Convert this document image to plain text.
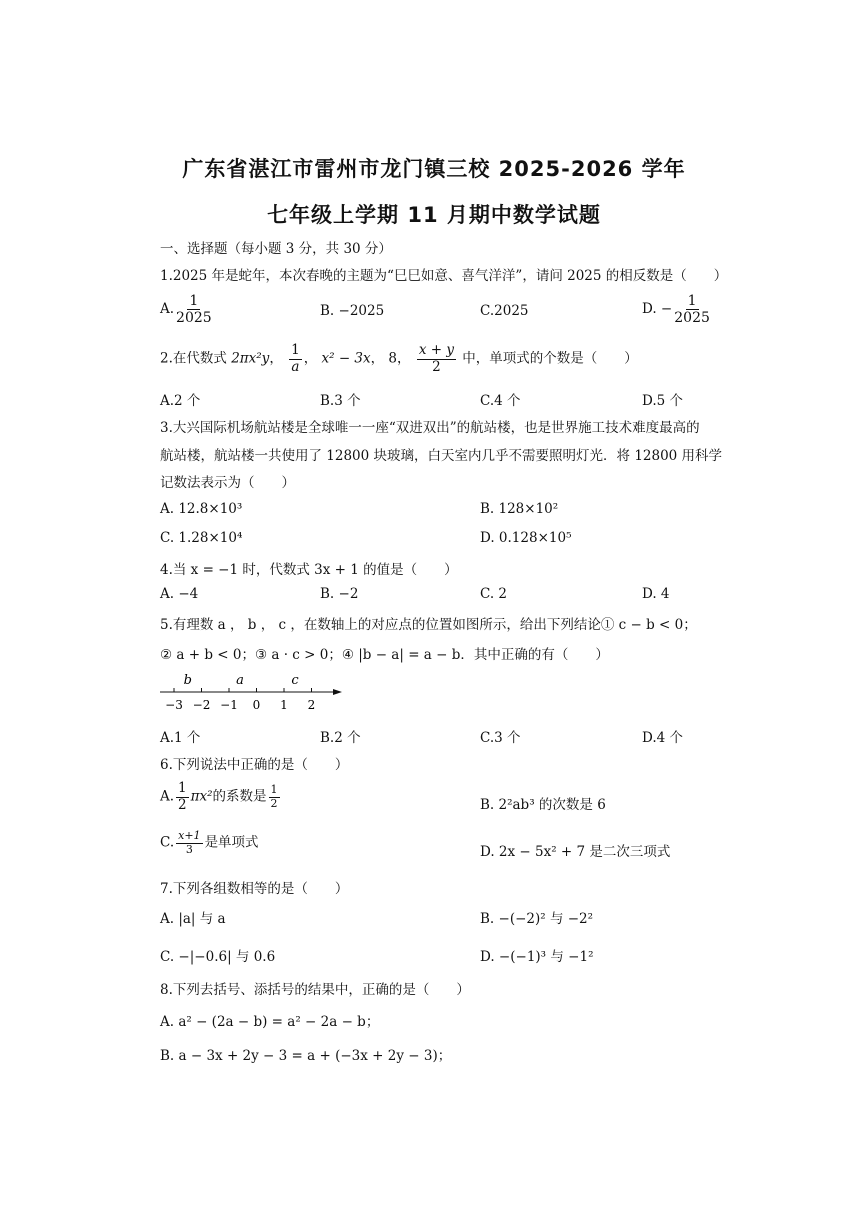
广东省湛江市雷州市龙门镇三校 2025-2026 学年
七年级上学期 11 月期中数学试题
一、选择题（每小题 3 分，共 30 分）
1.2025 年是蛇年，本次春晚的主题为“巳巳如意、喜气洋洋”，请问 2025 的相反数是（　　）
A. $\frac{1}{2025}$	B. −2025	C.2025	D. − $\frac{1}{2025}$
2.在代数式 2πx²y， $\frac{1}{a}$ ， x² − 3x， 8， $\frac{x + y}{2}$ 中，单项式的个数是（　　）
A.2 个	B.3 个	C.4 个	D.5 个
3.大兴国际机场航站楼是全球唯一一座“双进双出”的航站楼，也是世界施工技术难度最高的
航站楼，航站楼一共使用了 12800 块玻璃，白天室内几乎不需要照明灯光．将 12800 用科学
记数法表示为（　　）
A. 12.8×10³	B. 128×10²
C. 1.28×10⁴	D. 0.128×10⁵
4.当 x = −1 时，代数式 3x + 1 的值是（　　）
A. −4	B. −2	C. 2	D. 4
5.有理数 a ， b ， c ，在数轴上的对应点的位置如图所示，给出下列结论① c − b < 0；
② a + b < 0；③ a · c > 0；④ |b − a| = a − b．其中正确的有（　　）
−3 −2 −1 0 1 2
b	a	c
A.1 个	B.2 个	C.3 个	D.4 个
6.下列说法中正确的是（　　）
A. $\frac{1}{2} \pi x^2$的系数是 $\frac{1}{2}$	B. 2²ab³ 的次数是 6
C. $\frac{x+1}{3}$ 是单项式
D. 2x − 5x² + 7 是二次三项式
7.下列各组数相等的是（　　）
A. |a| 与 a	B. −(−2)² 与 −2²
C. −|−0.6| 与 0.6	D. −(−1)³ 与 −1²
8.下列去括号、添括号的结果中，正确的是（　　）
A. a² − (2a − b) = a² − 2a − b；
B. a − 3x + 2y − 3 = a + (−3x + 2y − 3)；
